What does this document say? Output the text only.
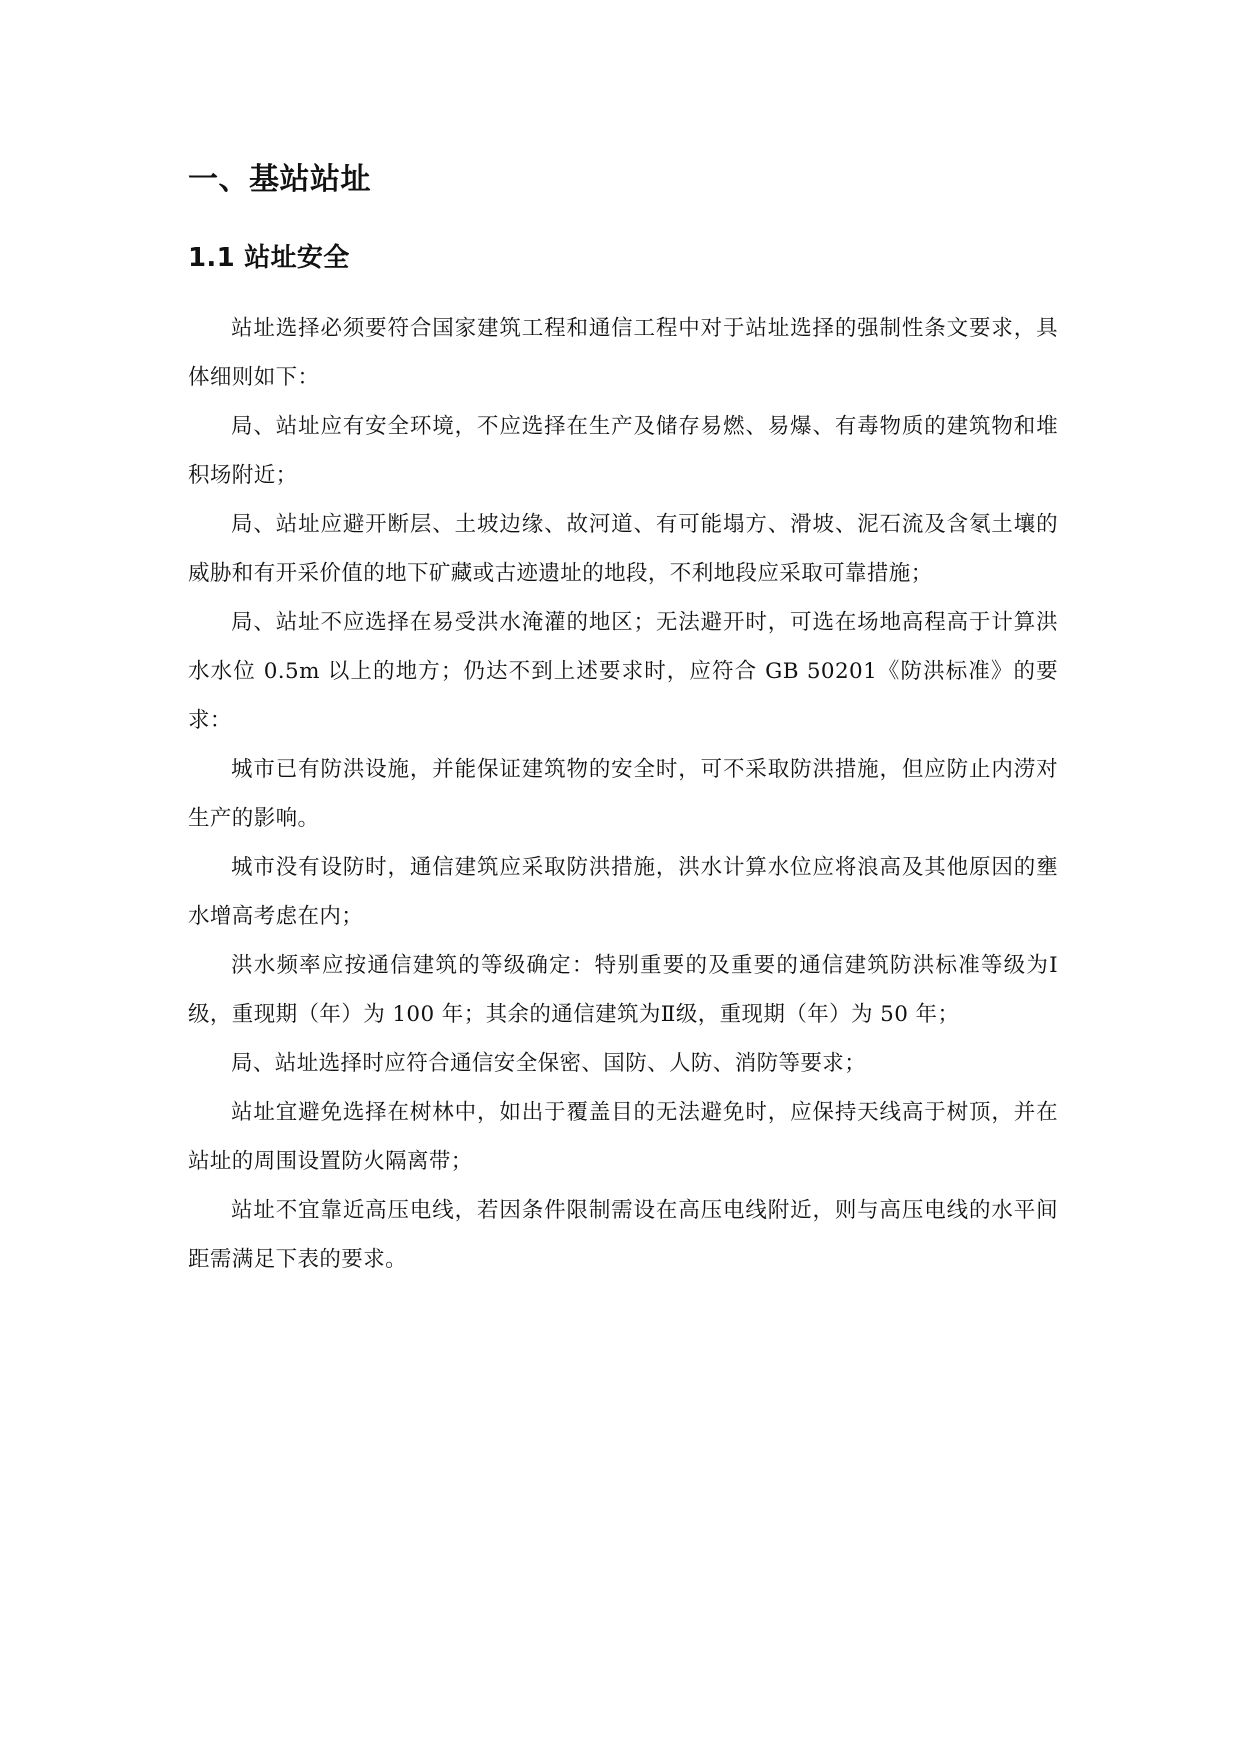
一、基站站址
1.1 站址安全

站址选择必须要符合国家建筑工程和通信工程中对于站址选择的强制性条文要求，具体细则如下：

局、站址应有安全环境，不应选择在生产及储存易燃、易爆、有毒物质的建筑物和堆积场附近；

局、站址应避开断层、土坡边缘、故河道、有可能塌方、滑坡、泥石流及含氡土壤的威胁和有开采价值的地下矿藏或古迹遗址的地段，不利地段应采取可靠措施；

局、站址不应选择在易受洪水淹灌的地区；无法避开时，可选在场地高程高于计算洪水水位 0.5m 以上的地方；仍达不到上述要求时，应符合 GB 50201《防洪标准》的要求：

城市已有防洪设施，并能保证建筑物的安全时，可不采取防洪措施，但应防止内涝对生产的影响。

城市没有设防时，通信建筑应采取防洪措施，洪水计算水位应将浪高及其他原因的壅水增高考虑在内；

洪水频率应按通信建筑的等级确定：特别重要的及重要的通信建筑防洪标准等级为Ⅰ级，重现期（年）为 100 年；其余的通信建筑为Ⅱ级，重现期（年）为 50 年；

局、站址选择时应符合通信安全保密、国防、人防、消防等要求；

站址宜避免选择在树林中，如出于覆盖目的无法避免时，应保持天线高于树顶，并在站址的周围设置防火隔离带；

站址不宜靠近高压电线，若因条件限制需设在高压电线附近，则与高压电线的水平间距需满足下表的要求。
